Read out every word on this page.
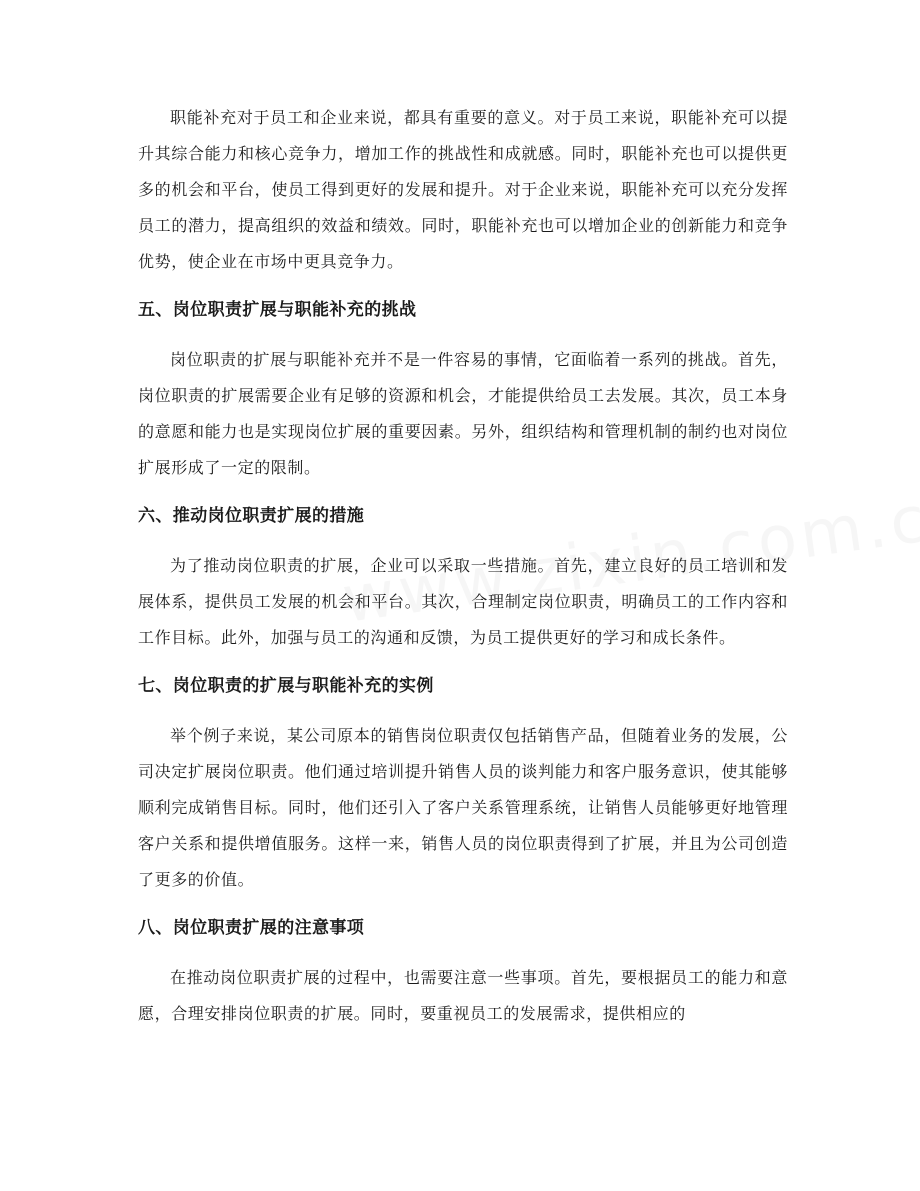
职能补充对于员工和企业来说，都具有重要的意义。对于员工来说，职能补充可以提升其综合能力和核心竞争力，增加工作的挑战性和成就感。同时，职能补充也可以提供更多的机会和平台，使员工得到更好的发展和提升。对于企业来说，职能补充可以充分发挥员工的潜力，提高组织的效益和绩效。同时，职能补充也可以增加企业的创新能力和竞争优势，使企业在市场中更具竞争力。

五、岗位职责扩展与职能补充的挑战

岗位职责的扩展与职能补充并不是一件容易的事情，它面临着一系列的挑战。首先，岗位职责的扩展需要企业有足够的资源和机会，才能提供给员工去发展。其次，员工本身的意愿和能力也是实现岗位扩展的重要因素。另外，组织结构和管理机制的制约也对岗位扩展形成了一定的限制。

六、推动岗位职责扩展的措施

为了推动岗位职责的扩展，企业可以采取一些措施。首先，建立良好的员工培训和发展体系，提供员工发展的机会和平台。其次，合理制定岗位职责，明确员工的工作内容和工作目标。此外，加强与员工的沟通和反馈，为员工提供更好的学习和成长条件。

七、岗位职责的扩展与职能补充的实例

举个例子来说，某公司原本的销售岗位职责仅包括销售产品，但随着业务的发展，公司决定扩展岗位职责。他们通过培训提升销售人员的谈判能力和客户服务意识，使其能够顺利完成销售目标。同时，他们还引入了客户关系管理系统，让销售人员能够更好地管理客户关系和提供增值服务。这样一来，销售人员的岗位职责得到了扩展，并且为公司创造了更多的价值。

八、岗位职责扩展的注意事项

在推动岗位职责扩展的过程中，也需要注意一些事项。首先，要根据员工的能力和意愿，合理安排岗位职责的扩展。同时，要重视员工的发展需求，提供相应的
